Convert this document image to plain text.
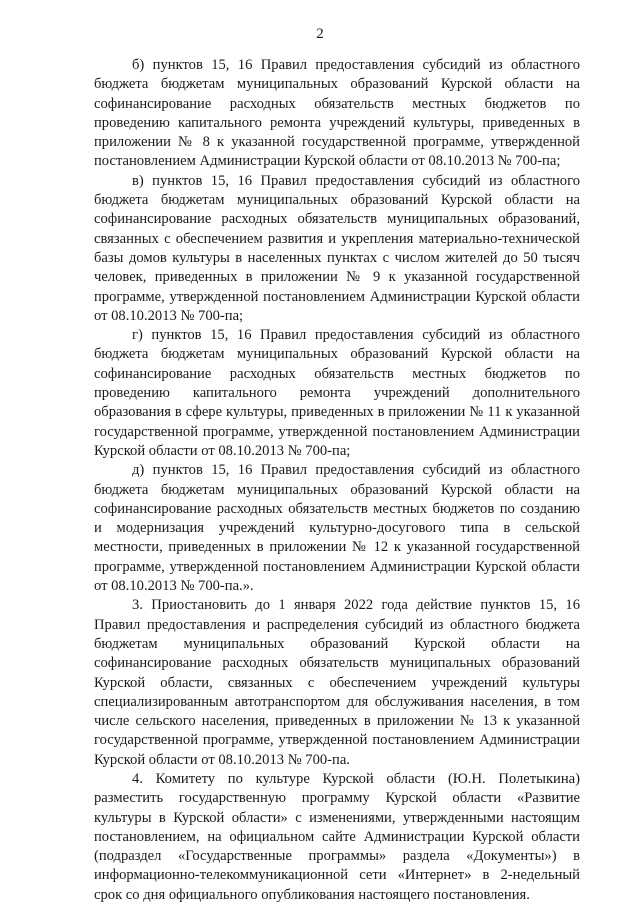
2

б) пунктов 15, 16 Правил предоставления субсидий из областного бюджета бюджетам муниципальных образований Курской области на софинансирование расходных обязательств местных бюджетов по проведению капитального ремонта учреждений культуры, приведенных в приложении № 8 к указанной государственной программе, утвержденной постановлением Администрации Курской области от 08.10.2013 № 700-па;

в) пунктов 15, 16 Правил предоставления субсидий из областного бюджета бюджетам муниципальных образований Курской области на софинансирование расходных обязательств муниципальных образований, связанных с обеспечением развития и укрепления материально-технической базы домов культуры в населенных пунктах с числом жителей до 50 тысяч человек, приведенных в приложении № 9 к указанной государственной программе, утвержденной постановлением Администрации Курской области от 08.10.2013 № 700-па;

г) пунктов 15, 16 Правил предоставления субсидий из областного бюджета бюджетам муниципальных образований Курской области на софинансирование расходных обязательств местных бюджетов по проведению капитального ремонта учреждений дополнительного образования в сфере культуры, приведенных в приложении № 11 к указанной государственной программе, утвержденной постановлением Администрации Курской области от 08.10.2013 № 700-па;

д) пунктов 15, 16 Правил предоставления субсидий из областного бюджета бюджетам муниципальных образований Курской области на софинансирование расходных обязательств местных бюджетов по созданию и модернизация учреждений культурно-досугового типа в сельской местности, приведенных в приложении № 12 к указанной государственной программе, утвержденной постановлением Администрации Курской области от 08.10.2013 № 700-па.».

3. Приостановить до 1 января 2022 года действие пунктов 15, 16 Правил предоставления и распределения субсидий из областного бюджета бюджетам муниципальных образований Курской области на софинансирование расходных обязательств муниципальных образований Курской области, связанных с обеспечением учреждений культуры специализированным автотранспортом для обслуживания населения, в том числе сельского населения, приведенных в приложении № 13 к указанной государственной программе, утвержденной постановлением Администрации Курской области от 08.10.2013 № 700-па.

4. Комитету по культуре Курской области (Ю.Н. Полетыкина) разместить государственную программу Курской области «Развитие культуры в Курской области» с изменениями, утвержденными настоящим постановлением, на официальном сайте Администрации Курской области (подраздел «Государственные программы» раздела «Документы») в информационно-телекоммуникационной сети «Интернет» в 2-недельный срок со дня официального опубликования настоящего постановления.
